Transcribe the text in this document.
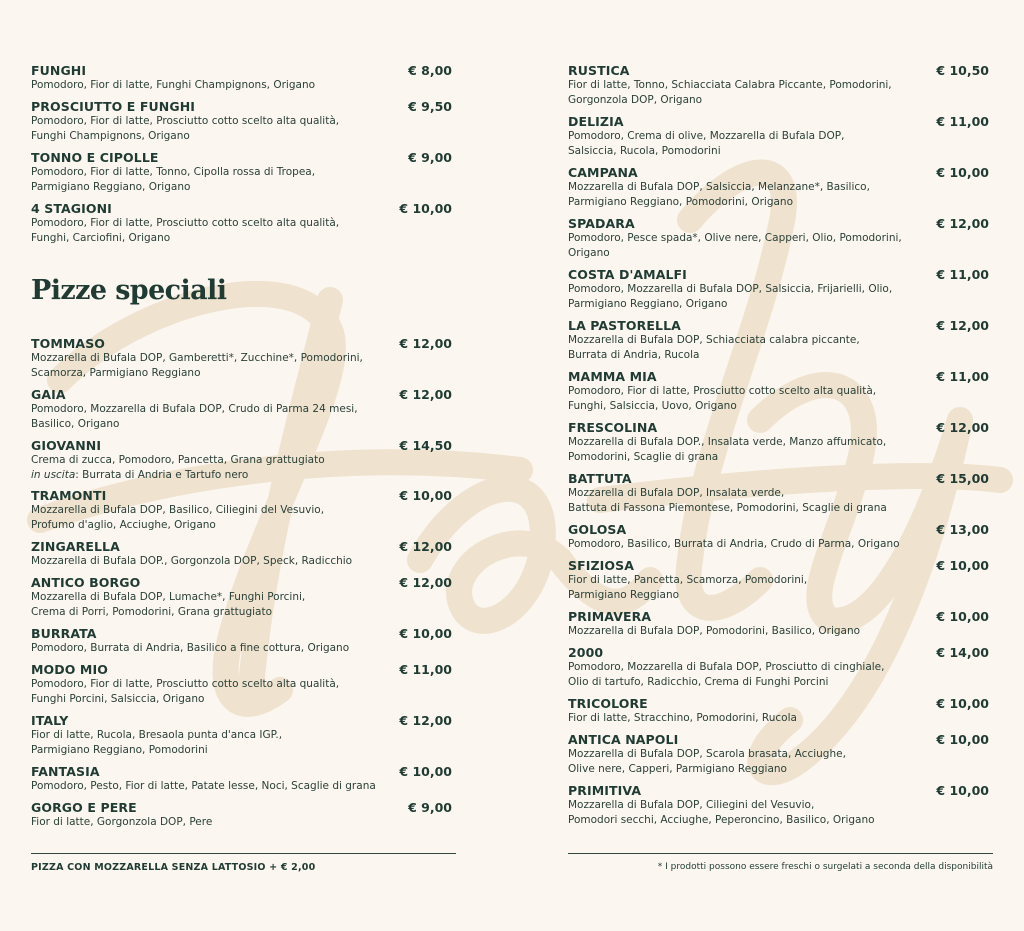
FUNGHI	€ 8,00
Pomodoro, Fior di latte, Funghi Champignons, Origano
PROSCIUTTO E FUNGHI	€ 9,50
Pomodoro, Fior di latte, Prosciutto cotto scelto alta qualità,
Funghi Champignons, Origano
TONNO E CIPOLLE	€ 9,00
Pomodoro, Fior di latte, Tonno, Cipolla rossa di Tropea,
Parmigiano Reggiano, Origano
4 STAGIONI	€ 10,00
Pomodoro, Fior di latte, Prosciutto cotto scelto alta qualità,
Funghi, Carciofini, Origano
Pizze speciali
TOMMASO	€ 12,00
Mozzarella di Bufala DOP, Gamberetti*, Zucchine*, Pomodorini,
Scamorza, Parmigiano Reggiano
GAIA	€ 12,00
Pomodoro, Mozzarella di Bufala DOP, Crudo di Parma 24 mesi,
Basilico, Origano
GIOVANNI	€ 14,50
Crema di zucca, Pomodoro, Pancetta, Grana grattugiato
in uscita: Burrata di Andria e Tartufo nero
TRAMONTI	€ 10,00
Mozzarella di Bufala DOP, Basilico, Ciliegini del Vesuvio,
Profumo d'aglio, Acciughe, Origano
ZINGARELLA	€ 12,00
Mozzarella di Bufala DOP., Gorgonzola DOP, Speck, Radicchio
ANTICO BORGO	€ 12,00
Mozzarella di Bufala DOP, Lumache*, Funghi Porcini,
Crema di Porri, Pomodorini, Grana grattugiato
BURRATA	€ 10,00
Pomodoro, Burrata di Andria, Basilico a fine cottura, Origano
MODO MIO	€ 11,00
Pomodoro, Fior di latte, Prosciutto cotto scelto alta qualità,
Funghi Porcini, Salsiccia, Origano
ITALY	€ 12,00
Fior di latte, Rucola, Bresaola punta d'anca IGP.,
Parmigiano Reggiano, Pomodorini
FANTASIA	€ 10,00
Pomodoro, Pesto, Fior di latte, Patate lesse, Noci, Scaglie di grana
GORGO E PERE	€ 9,00
Fior di latte, Gorgonzola DOP, Pere
RUSTICA	€ 10,50
Fior di latte, Tonno, Schiacciata Calabra Piccante, Pomodorini,
Gorgonzola DOP, Origano
DELIZIA	€ 11,00
Pomodoro, Crema di olive, Mozzarella di Bufala DOP,
Salsiccia, Rucola, Pomodorini
CAMPANA	€ 10,00
Mozzarella di Bufala DOP, Salsiccia, Melanzane*, Basilico,
Parmigiano Reggiano, Pomodorini, Origano
SPADARA	€ 12,00
Pomodoro, Pesce spada*, Olive nere, Capperi, Olio, Pomodorini,
Origano
COSTA D'AMALFI	€ 11,00
Pomodoro, Mozzarella di Bufala DOP, Salsiccia, Frijarielli, Olio,
Parmigiano Reggiano, Origano
LA PASTORELLA	€ 12,00
Mozzarella di Bufala DOP, Schiacciata calabra piccante,
Burrata di Andria, Rucola
MAMMA MIA	€ 11,00
Pomodoro, Fior di latte, Prosciutto cotto scelto alta qualità,
Funghi, Salsiccia, Uovo, Origano
FRESCOLINA	€ 12,00
Mozzarella di Bufala DOP., Insalata verde, Manzo affumicato,
Pomodorini, Scaglie di grana
BATTUTA	€ 15,00
Mozzarella di Bufala DOP, Insalata verde,
Battuta di Fassona Piemontese, Pomodorini, Scaglie di grana
GOLOSA	€ 13,00
Pomodoro, Basilico, Burrata di Andria, Crudo di Parma, Origano
SFIZIOSA	€ 10,00
Fior di latte, Pancetta, Scamorza, Pomodorini,
Parmigiano Reggiano
PRIMAVERA	€ 10,00
Mozzarella di Bufala DOP, Pomodorini, Basilico, Origano
2000	€ 14,00
Pomodoro, Mozzarella di Bufala DOP, Prosciutto di cinghiale,
Olio di tartufo, Radicchio, Crema di Funghi Porcini
TRICOLORE	€ 10,00
Fior di latte, Stracchino, Pomodorini, Rucola
ANTICA NAPOLI	€ 10,00
Mozzarella di Bufala DOP, Scarola brasata, Acciughe,
Olive nere, Capperi, Parmigiano Reggiano
PRIMITIVA	€ 10,00
Mozzarella di Bufala DOP, Ciliegini del Vesuvio,
Pomodori secchi, Acciughe, Peperoncino, Basilico, Origano
PIZZA CON MOZZARELLA SENZA LATTOSIO + € 2,00	* I prodotti possono essere freschi o surgelati a seconda della disponibilità
